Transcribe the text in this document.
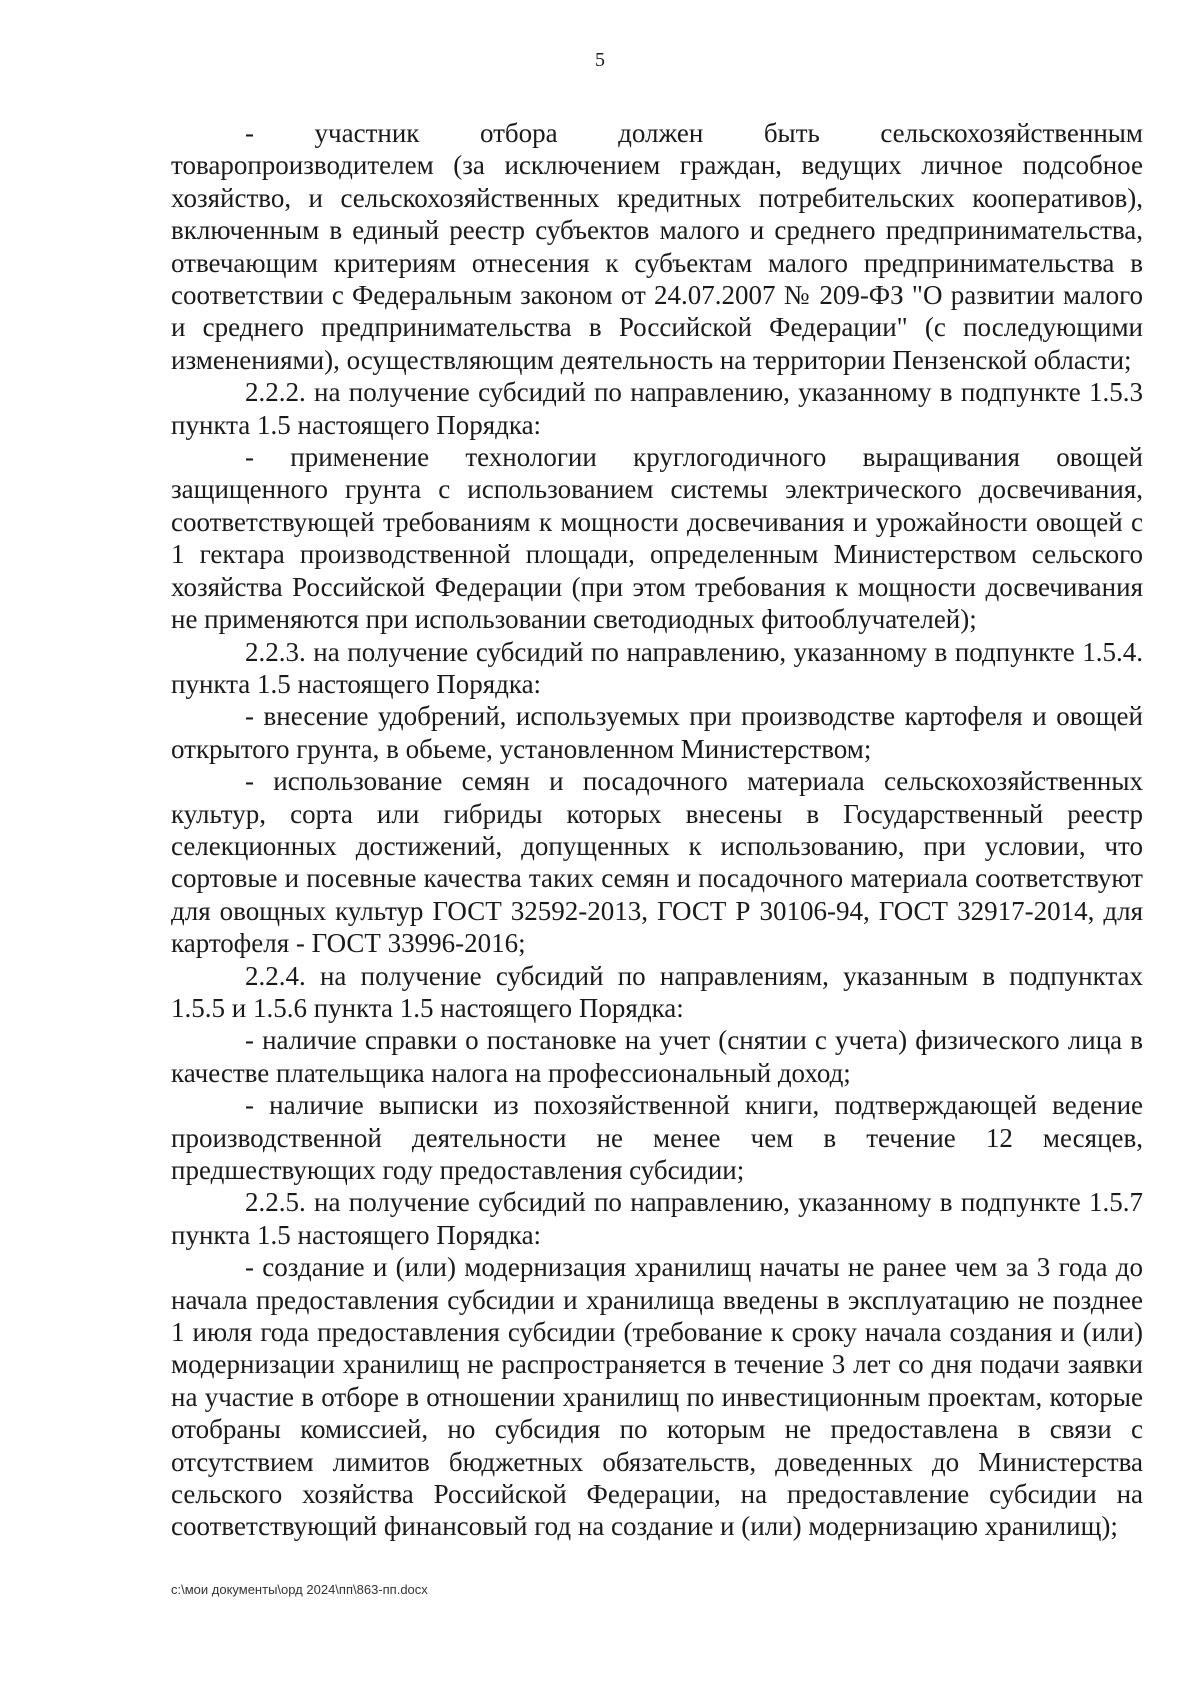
5

- участник отбора должен быть сельскохозяйственным товаропроизводителем (за исключением граждан, ведущих личное подсобное хозяйство, и сельскохозяйственных кредитных потребительских кооперативов), включенным в единый реестр субъектов малого и среднего предпринимательства, отвечающим критериям отнесения к субъектам малого предпринимательства в соответствии с Федеральным законом от 24.07.2007 № 209-ФЗ "О развитии малого и среднего предпринимательства в Российской Федерации" (с последующими изменениями), осуществляющим деятельность на территории Пензенской области;

2.2.2. на получение субсидий по направлению, указанному в подпункте 1.5.3 пункта 1.5 настоящего Порядка:

- применение технологии круглогодичного выращивания овощей защищенного грунта с использованием системы электрического досвечивания, соответствующей требованиям к мощности досвечивания и урожайности овощей с 1 гектара производственной площади, определенным Министерством сельского хозяйства Российской Федерации (при этом требования к мощности досвечивания не применяются при использовании светодиодных фитооблучателей);

2.2.3. на получение субсидий по направлению, указанному в подпункте 1.5.4. пункта 1.5 настоящего Порядка:

- внесение удобрений, используемых при производстве картофеля и овощей открытого грунта, в обьеме, установленном Министерством;

- использование семян и посадочного материала сельскохозяйственных культур, сорта или гибриды которых внесены в Государственный реестр селекционных достижений, допущенных к использованию, при условии, что сортовые и посевные качества таких семян и посадочного материала соответствуют для овощных культур ГОСТ 32592-2013, ГОСТ Р 30106-94, ГОСТ 32917-2014, для картофеля - ГОСТ 33996-2016;

2.2.4. на получение субсидий по направлениям, указанным в подпунктах 1.5.5 и 1.5.6 пункта 1.5 настоящего Порядка:

- наличие справки о постановке на учет (снятии с учета) физического лица в качестве плательщика налога на профессиональный доход;

- наличие выписки из похозяйственной книги, подтверждающей ведение производственной деятельности не менее чем в течение 12 месяцев, предшествующих году предоставления субсидии;

2.2.5. на получение субсидий по направлению, указанному в подпункте 1.5.7 пункта 1.5 настоящего Порядка:

- создание и (или) модернизация хранилищ начаты не ранее чем за 3 года до начала предоставления субсидии и хранилища введены в эксплуатацию не позднее 1 июля года предоставления субсидии (требование к сроку начала создания и (или) модернизации хранилищ не распространяется в течение 3 лет со дня подачи заявки на участие в отборе в отношении хранилищ по инвестиционным проектам, которые отобраны комиссией, но субсидия по которым не предоставлена в связи с отсутствием лимитов бюджетных обязательств, доведенных до Министерства сельского хозяйства Российской Федерации, на предоставление субсидии на соответствующий финансовый год на создание и (или) модернизацию хранилищ);

c:\мои документы\орд 2024\пп\863-пп.docx
